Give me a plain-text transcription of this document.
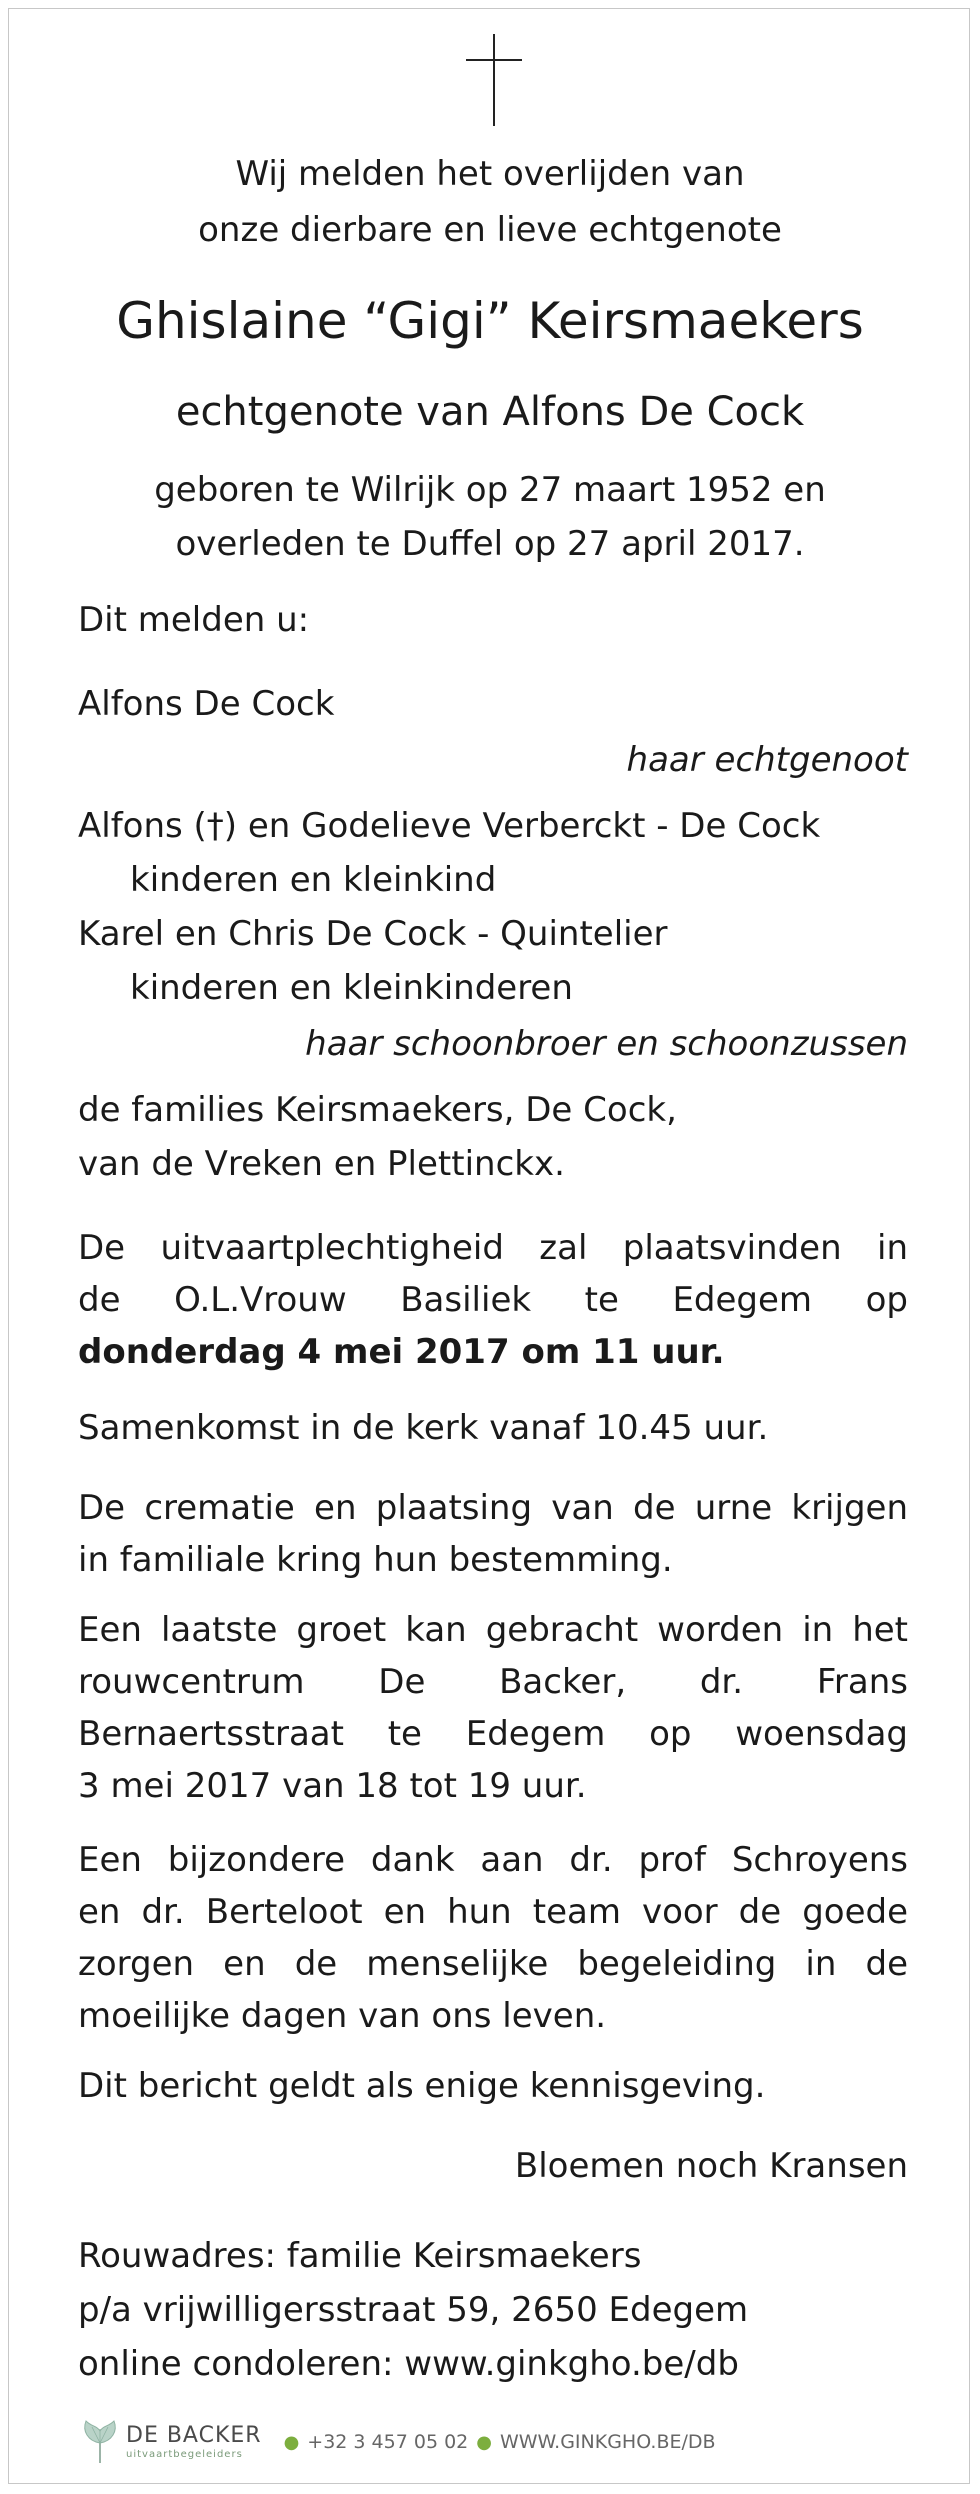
Wij melden het overlijden van
onze dierbare en lieve echtgenote
Ghislaine “Gigi” Keirsmaekers
echtgenote van Alfons De Cock
geboren te Wilrijk op 27 maart 1952 en
overleden te Duffel op 27 april 2017.
Dit melden u:
Alfons De Cock
haar echtgenoot
Alfons (†) en Godelieve Verberckt - De Cock
kinderen en kleinkind
Karel en Chris De Cock - Quintelier
kinderen en kleinkinderen
haar schoonbroer en schoonzussen
de families Keirsmaekers, De Cock,
van de Vreken en Plettinckx.
De uitvaartplechtigheid zal plaatsvinden in
de O.L.Vrouw Basiliek te Edegem op
donderdag 4 mei 2017 om 11 uur.
Samenkomst in de kerk vanaf 10.45 uur.
De crematie en plaatsing van de urne krijgen
in familiale kring hun bestemming.
Een laatste groet kan gebracht worden in het
rouwcentrum De Backer, dr. Frans
Bernaertsstraat te Edegem op woensdag
3 mei 2017 van 18 tot 19 uur.
Een bijzondere dank aan dr. prof Schroyens
en dr. Berteloot en hun team voor de goede
zorgen en de menselijke begeleiding in de
moeilijke dagen van ons leven.
Dit bericht geldt als enige kennisgeving.
Bloemen noch Kransen
Rouwadres: familie Keirsmaekers
p/a vrijwilligersstraat 59, 2650 Edegem
online condoleren: www.ginkgho.be/db
DE BACKER
uitvaartbegeleiders
● +32 3 457 05 02 ● WWW.GINKGHO.BE/DB
